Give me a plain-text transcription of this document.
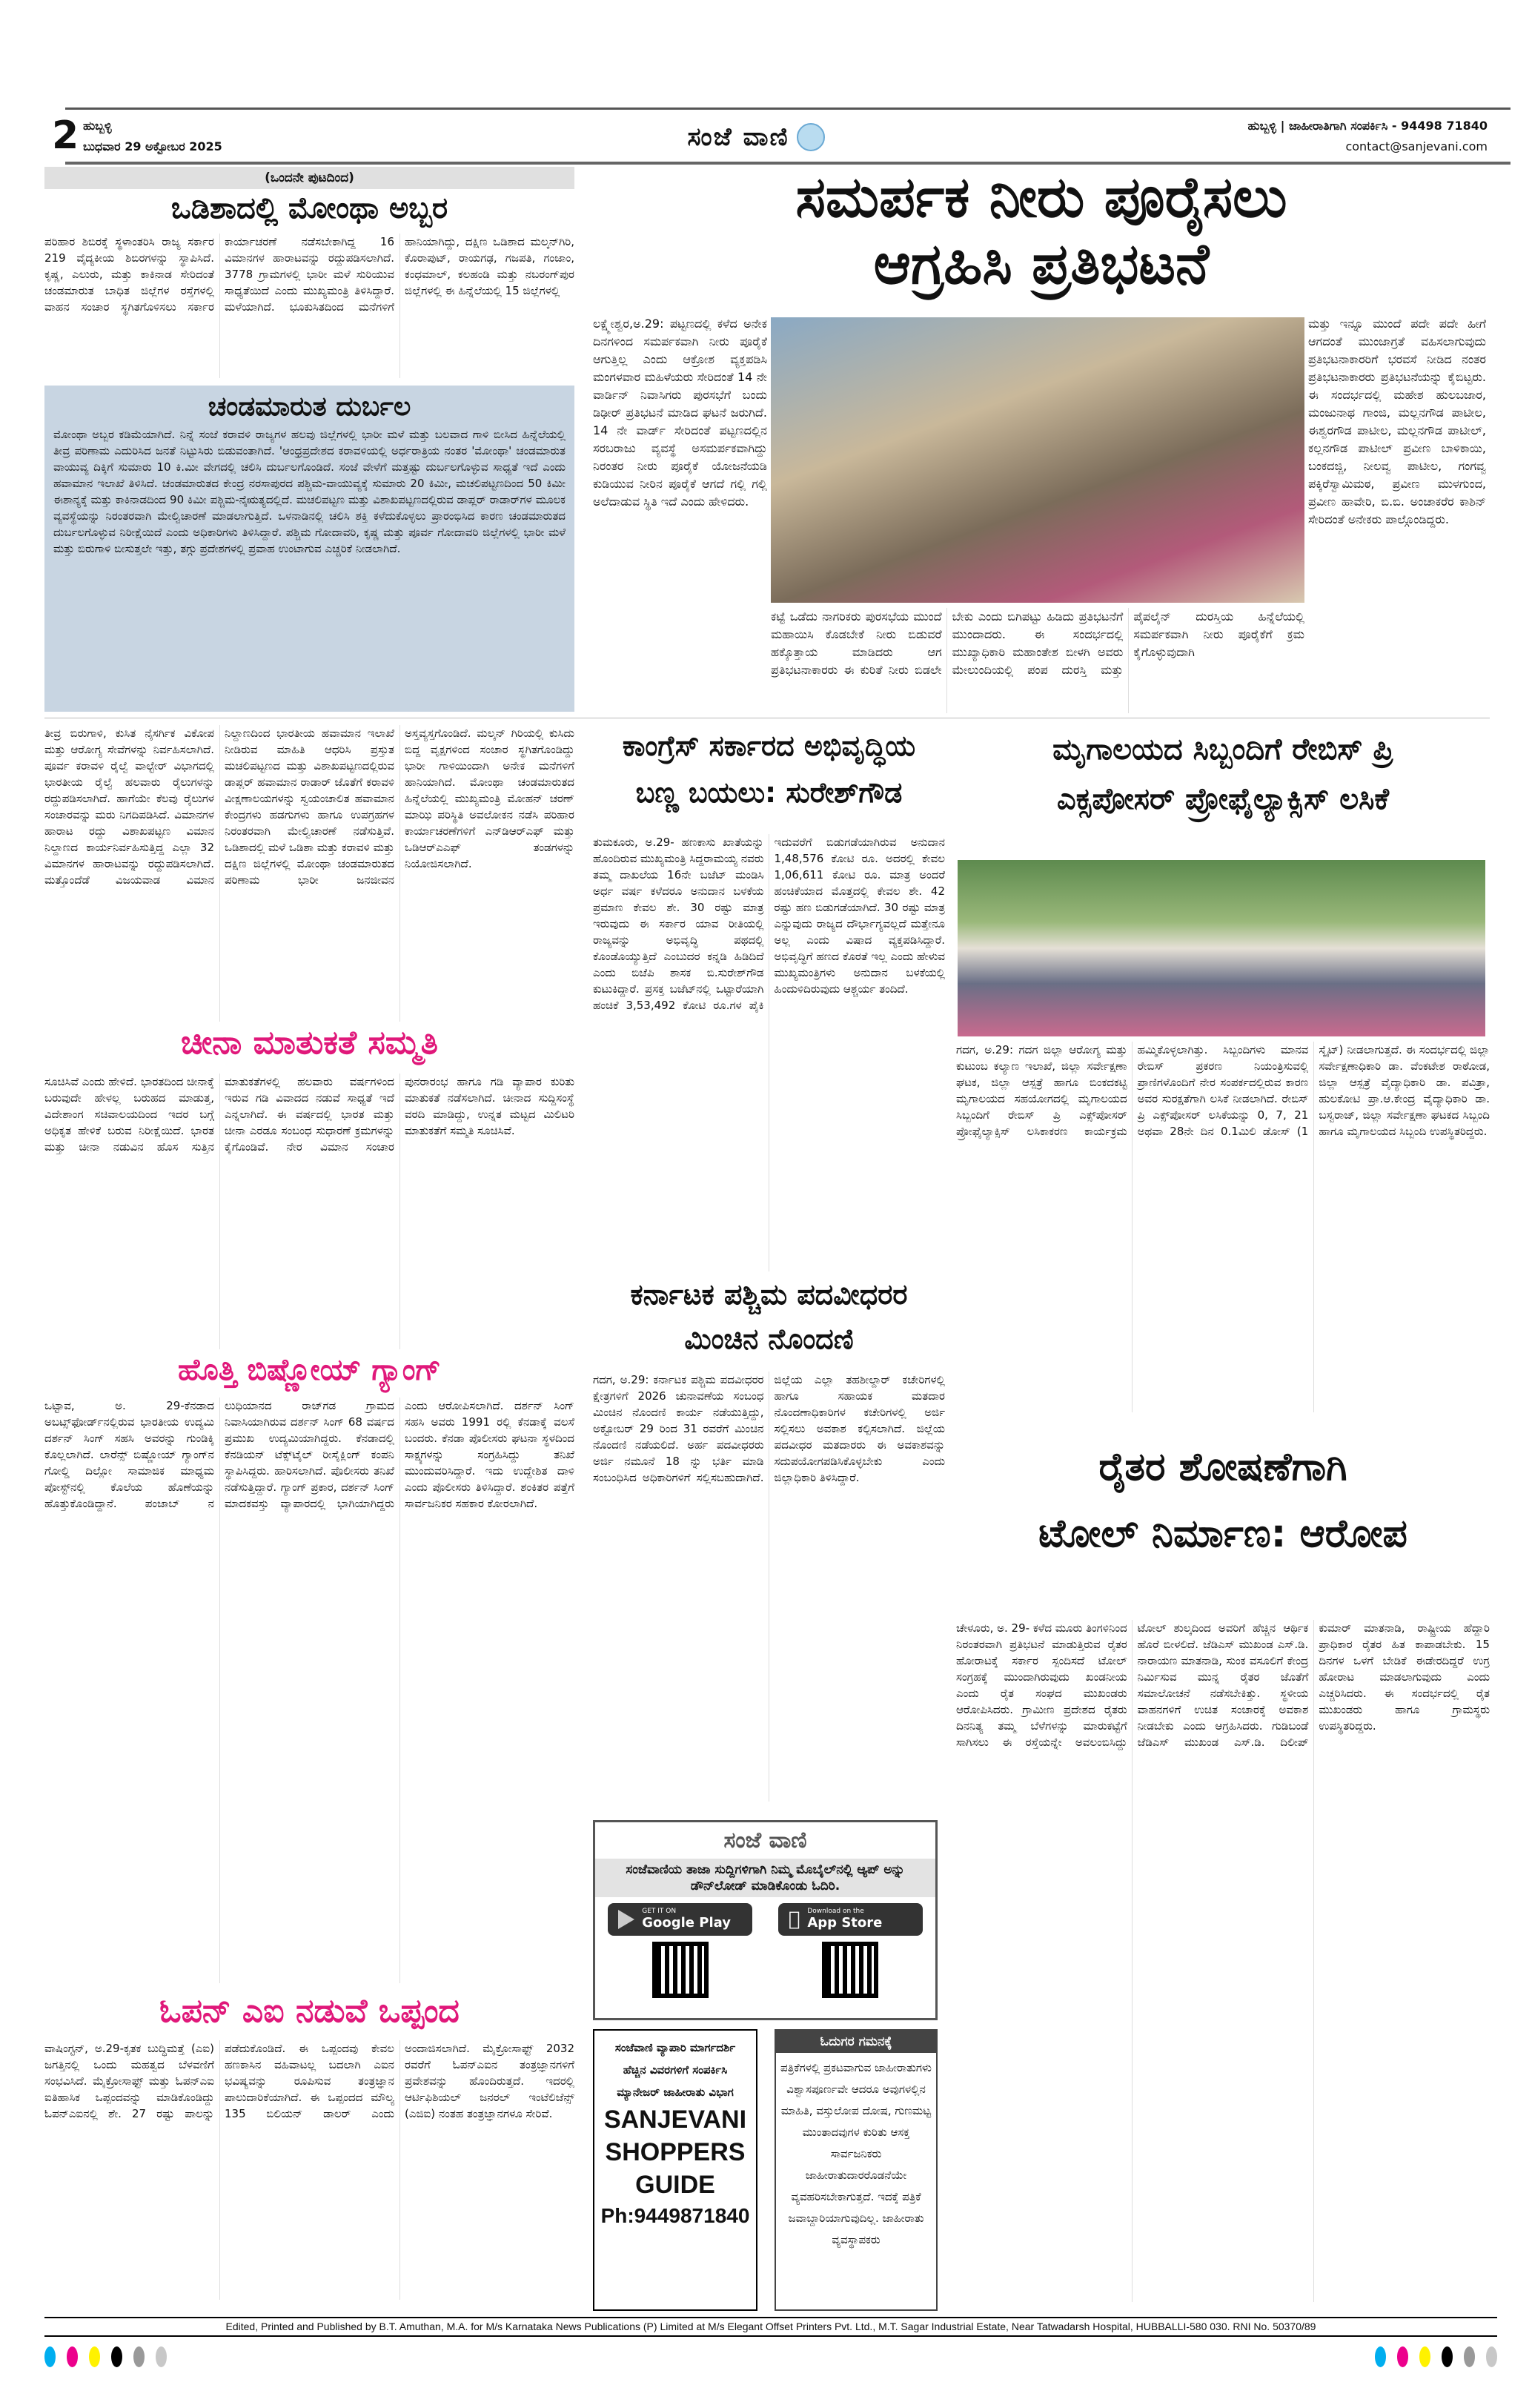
2 ಹುಬ್ಬಳ್ಳಿ
ಬುಧವಾರ 29 ಅಕ್ಟೋಬರ 2025	ಸಂಜೆ ವಾಣಿ	ಹುಬ್ಬಳ್ಳಿ | ಜಾಹೀರಾತಿಗಾಗಿ ಸಂಪರ್ಕಿಸಿ - 94498 71840
contact@sanjevani.com
(ಒಂದನೇ ಪುಟದಿಂದ)
ಒಡಿಶಾದಲ್ಲಿ ಮೋಂಥಾ ಅಬ್ಬರ
ಪರಿಹಾರ ಶಿಬಿರಕ್ಕೆ ಸ್ಥಳಾಂತರಿಸಿ ರಾಜ್ಯ ಸರ್ಕಾರ 219 ವೈದ್ಯಕೀಯ ಶಿಬಿರಗಳನ್ನು ಸ್ಥಾಪಿಸಿದೆ. ಕೃಷ್ಣ, ಎಲುರು, ಮತ್ತು ಕಾಕಿನಾಡ ಸೇರಿದಂತೆ ಚಂಡಮಾರುತ ಬಾಧಿತ ಜಿಲ್ಲೆಗಳ ರಸ್ತೆಗಳಲ್ಲಿ ವಾಹನ ಸಂಚಾರ ಸ್ಥಗಿತಗೊಳಿಸಲು ಸರ್ಕಾರ ಕಾರ್ಯಾಚರಣೆ ನಡೆಸಬೇಕಾಗಿದ್ದ 16 ವಿಮಾನಗಳ ಹಾರಾಟವನ್ನು ರದ್ದುಪಡಿಸಲಾಗಿದೆ. 3778 ಗ್ರಾಮಗಳಲ್ಲಿ ಭಾರೀ ಮಳೆ ಸುರಿಯುವ ಸಾಧ್ಯತೆಯಿದೆ ಎಂದು ಮುಖ್ಯಮಂತ್ರಿ ತಿಳಿಸಿದ್ದಾರೆ. ಮಳೆಯಾಗಿದೆ. ಭೂಕುಸಿತದಿಂದ ಮನೆಗಳಿಗೆ ಹಾನಿಯಾಗಿದ್ದು, ದಕ್ಷಿಣ ಒಡಿಶಾದ ಮಲ್ಕನ್‌ಗಿರಿ, ಕೊರಾಪುಟ್, ರಾಯಗಢ, ಗಜಪತಿ, ಗಂಜಾಂ, ಕಂಧಮಾಲ್, ಕಲಹಂಡಿ ಮತ್ತು ನಬರಂಗ್‌ಪುರ ಜಿಲ್ಲೆಗಳಲ್ಲಿ ಈ ಹಿನ್ನೆಲೆಯಲ್ಲಿ 15 ಜಿಲ್ಲೆಗಳಲ್ಲಿ
ಚಂಡಮಾರುತ ದುರ್ಬಲ
ಮೋಂಥಾ ಅಬ್ಬರ ಕಡಿಮೆಯಾಗಿದೆ. ನಿನ್ನೆ ಸಂಜೆ ಕರಾವಳಿ ರಾಜ್ಯಗಳ ಹಲವು ಜಿಲ್ಲೆಗಳಲ್ಲಿ ಭಾರೀ ಮಳೆ ಮತ್ತು ಬಲವಾದ ಗಾಳಿ ಬೀಸಿದ ಹಿನ್ನೆಲೆಯಲ್ಲಿ ತೀವ್ರ ಪರಿಣಾಮ ಎದುರಿಸಿದ ಜನತೆ ನಿಟ್ಟುಸಿರು ಬಿಡುವಂತಾಗಿದೆ. 'ಆಂಧ್ರಪ್ರದೇಶದ ಕರಾವಳಿಯಲ್ಲಿ ಅರ್ಧರಾತ್ರಿಯ ನಂತರ 'ಮೋಂಥಾ' ಚಂಡಮಾರುತ ವಾಯುವ್ಯ ದಿಕ್ಕಿಗೆ ಸುಮಾರು 10 ಕಿ.ಮೀ ವೇಗದಲ್ಲಿ ಚಲಿಸಿ ದುರ್ಬಲಗೊಂಡಿದೆ. ಸಂಜೆ ವೇಳೆಗೆ ಮತ್ತಷ್ಟು ದುರ್ಬಲಗೊಳ್ಳುವ ಸಾಧ್ಯತೆ ಇದೆ ಎಂದು ಹವಾಮಾನ ಇಲಾಖೆ ತಿಳಿಸಿದೆ. ಚಂಡಮಾರುತದ ಕೇಂದ್ರ ನರಸಾಪುರದ ಪಶ್ಚಿಮ-ವಾಯುವ್ಯಕ್ಕೆ ಸುಮಾರು 20 ಕಿಮೀ, ಮಚಲಿಪಟ್ಟಣದಿಂದ 50 ಕಿಮೀ ಈಶಾನ್ಯಕ್ಕೆ ಮತ್ತು ಕಾಕಿನಾಡದಿಂದ 90 ಕಿಮೀ ಪಶ್ಚಿಮ-ನೈಋತ್ಯದಲ್ಲಿದೆ. ಮಚಲಿಪಟ್ಟಣ ಮತ್ತು ವಿಶಾಖಪಟ್ಟಣದಲ್ಲಿರುವ ಡಾಪ್ಲರ್ ರಾಡಾರ್‌ಗಳ ಮೂಲಕ ವ್ಯವಸ್ಥೆಯನ್ನು ನಿರಂತರವಾಗಿ ಮೇಲ್ವಿಚಾರಣೆ ಮಾಡಲಾಗುತ್ತಿದೆ. ಒಳನಾಡಿನಲ್ಲಿ ಚಲಿಸಿ ಶಕ್ತಿ ಕಳೆದುಕೊಳ್ಳಲು ಪ್ರಾರಂಭಿಸಿದ ಕಾರಣ ಚಂಡಮಾರುತದ ದುರ್ಬಲಗೊಳ್ಳುವ ನಿರೀಕ್ಷೆಯಿದೆ ಎಂದು ಅಧಿಕಾರಿಗಳು ತಿಳಿಸಿದ್ದಾರೆ. ಪಶ್ಚಿಮ ಗೋದಾವರಿ, ಕೃಷ್ಣ ಮತ್ತು ಪೂರ್ವ ಗೋದಾವರಿ ಜಿಲ್ಲೆಗಳಲ್ಲಿ ಭಾರೀ ಮಳೆ ಮತ್ತು ಬಿರುಗಾಳಿ ಬೀಸುತ್ತಲೇ ಇತ್ತು, ತಗ್ಗು ಪ್ರದೇಶಗಳಲ್ಲಿ ಪ್ರವಾಹ ಉಂಟಾಗುವ ಎಚ್ಚರಿಕೆ ನೀಡಲಾಗಿದೆ.
ಸಮರ್ಪಕ ನೀರು ಪೂರೈಸಲು
ಆಗ್ರಹಿಸಿ ಪ್ರತಿಭಟನೆ
ಲಕ್ಷ್ಮೇಶ್ವರ,ಅ.29: ಪಟ್ಟಣದಲ್ಲಿ ಕಳೆದ ಅನೇಕ ದಿನಗಳಿಂದ ಸಮರ್ಪಕವಾಗಿ ನೀರು ಪೂರೈಕೆ ಆಗುತ್ತಿಲ್ಲ ಎಂದು ಆಕ್ರೋಶ ವ್ಯಕ್ತಪಡಿಸಿ ಮಂಗಳವಾರ ಮಹಿಳೆಯರು ಸೇರಿದಂತೆ 14 ನೇ ವಾರ್ಡಿನ್ ನಿವಾಸಿಗರು ಪುರಸಭೆಗೆ ಬಂದು ಡಿಢೀರ್ ಪ್ರತಿಭಟನೆ ಮಾಡಿದ ಘಟನೆ ಜರುಗಿದೆ. 14 ನೇ ವಾರ್ಡ್ ಸೇರಿದಂತೆ ಪಟ್ಟಣದಲ್ಲಿನ ಸರಬರಾಜು ವ್ಯವಸ್ಥೆ ಅಸಮರ್ಪಕವಾಗಿದ್ದು ನಿರಂತರ ನೀರು ಪೂರೈಕೆ ಯೋಜನೆಯಡಿ ಕುಡಿಯುವ ನೀರಿನ ಪೂರೈಕೆ ಆಗದೆ ಗಲ್ಲಿ ಗಲ್ಲಿ ಅಲೆದಾಡುವ ಸ್ಥಿತಿ ಇದೆ ಎಂದು ಹೇಳಿದರು.
ಕಟ್ಟೆ ಒಡೆದು ನಾಗರಿಕರು ಪುರಸಭೆಯ ಮುಂದೆ ಮಹಾಯಿಸಿ ಕೊಡಬೇಕೆ ನೀರು ಬಿಡುವರೆ ಹಕ್ಕೊತ್ತಾಯ ಮಾಡಿದರು ಆಗ ಪ್ರತಿಭಟನಾಕಾರರು ಈ ಕುರಿತೆ ನೀರು ಬಿಡಲೇ ಬೇಕು ಎಂದು ಬಿಗಿಪಟ್ಟು ಹಿಡಿದು ಪ್ರತಿಭಟನೆಗೆ ಮುಂದಾದರು. ಈ ಸಂದರ್ಭದಲ್ಲಿ ಮುಖ್ಯಾಧಿಕಾರಿ ಮಹಾಂತೇಶ ಬೀಳಗಿ ಅವರು ಮೇಲುಂದಿಯಲ್ಲಿ ಪಂಪ ದುರಸ್ತಿ ಮತ್ತು ಪೈಪಲೈನ್ ದುರಸ್ತಿಯ ಹಿನ್ನೆಲೆಯಲ್ಲಿ ಸಮರ್ಪಕವಾಗಿ ನೀರು ಪೂರೈಕೆಗೆ ಕ್ರಮ ಕೈಗೊಳ್ಳುವುದಾಗಿ
ಮತ್ತು ಇನ್ನೂ ಮುಂದೆ ಪದೇ ಪದೇ ಹೀಗೆ ಆಗದಂತೆ ಮುಂಜಾಗ್ರತೆ ವಹಿಸಲಾಗುವುದು ಪ್ರತಿಭಟನಾಕಾರರಿಗೆ ಭರವಸೆ ನೀಡಿದ ನಂತರ ಪ್ರತಿಭಟನಾಕಾರರು ಪ್ರತಿಭಟನೆಯನ್ನು ಕೈಬಿಟ್ಟರು. ಈ ಸಂದರ್ಭದಲ್ಲಿ ಮಹೇಶ ಹುಲಬಜಾರ, ಮಂಜುನಾಥ ಗಾಂಜಿ, ಮಲ್ಲನಗೌಡ ಪಾಟೀಲ, ಈಶ್ವರಗೌಡ ಪಾಟೀಲ, ಮಲ್ಲನಗೌಡ ಪಾಟೀಲ್, ಕಲ್ಲನಗೌಡ ಪಾಟೀಲ್ ಪ್ರವೀಣ ಬಾಳಿಕಾಯಿ, ಬಂಕದಜ್ಜಿ, ನೀಲವ್ವ ಪಾಟೀಲ, ಗಂಗವ್ವ ಪಕ್ಕಿರೆಸ್ವಾಮಿಮಠ, ಪ್ರವೀಣ ಮುಳಗುಂದ, ಪ್ರವೀಣ ಹಾವೇರಿ, ಬಿ.ಬಿ. ಅಂಚಾಕರೆರ ಕಾಶಿನ್ ಸೇರಿದಂತೆ ಅನೇಕರು ಪಾಲ್ಗೊಂಡಿದ್ದರು.
ತೀವ್ರ ಬಿರುಗಾಳಿ, ಕುಸಿತ ನೈಸರ್ಗಿಕ ವಿಕೋಪ ಮತ್ತು ಆರೋಗ್ಯ ಸೇವೆಗಳನ್ನು ನಿರ್ವಹಿಸಲಾಗಿದೆ. ಪೂರ್ವ ಕರಾವಳಿ ರೈಲ್ವೆ ವಾಲ್ಟೇರ್ ವಿಭಾಗದಲ್ಲಿ ಭಾರತೀಯ ರೈಲ್ವೆ ಹಲವಾರು ರೈಲುಗಳನ್ನು ರದ್ದುಪಡಿಸಲಾಗಿದೆ. ಹಾಗೆಯೇ ಕೆಲವು ರೈಲುಗಳ ಸಂಚಾರವನ್ನು ಮರು ನಿಗದಿಪಡಿಸಿದೆ. ವಿಮಾನಗಳ ಹಾರಾಟ ರದ್ದು ವಿಶಾಖಪಟ್ಟಣ ವಿಮಾನ ನಿಲ್ದಾಣದ ಕಾರ್ಯನಿರ್ವಹಿಸುತ್ತಿದ್ದ ಎಲ್ಲಾ 32 ವಿಮಾನಗಳ ಹಾರಾಟವನ್ನು ರದ್ದುಪಡಿಸಲಾಗಿದೆ. ಮತ್ತೊಂದೆಡೆ ವಿಜಯವಾಡ ವಿಮಾನ ನಿಲ್ದಾಣದಿಂದ ಭಾರತೀಯ ಹವಾಮಾನ ಇಲಾಖೆ ನೀಡಿರುವ ಮಾಹಿತಿ ಆಧರಿಸಿ ಪ್ರಸ್ತುತ ಮಚಲಿಪಟ್ಟಣದ ಮತ್ತು ವಿಶಾಖಪಟ್ಟಣದಲ್ಲಿರುವ ಡಾಪ್ಲರ್ ಹವಾಮಾನ ರಾಡಾರ್ ಜೊತೆಗೆ ಕರಾವಳಿ ವೀಕ್ಷಣಾಲಯಗಳನ್ನು ಸ್ವಯಂಚಾಲಿತ ಹವಾಮಾನ ಕೇಂದ್ರಗಳು ಹಡಗುಗಳು ಹಾಗೂ ಉಪಗ್ರಹಗಳ ನಿರಂತರವಾಗಿ ಮೇಲ್ವಿಚಾರಣೆ ನಡೆಸುತ್ತಿವೆ. ಒಡಿಶಾದಲ್ಲಿ ಮಳೆ ಒಡಿಶಾ ಮತ್ತು ಕರಾವಳಿ ಮತ್ತು ದಕ್ಷಿಣ ಜಿಲ್ಲೆಗಳಲ್ಲಿ ಮೋಂಥಾ ಚಂಡಮಾರುತದ ಪರಿಣಾಮ ಭಾರೀ ಜನಜೀವನ ಅಸ್ತವ್ಯಸ್ತಗೊಂಡಿದೆ. ಮಲ್ಕನ್ ಗಿರಿಯಲ್ಲಿ ಕುಸಿದು ಬಿದ್ದ ವೃಕ್ಷಗಳಿಂದ ಸಂಚಾರ ಸ್ಥಗಿತಗೊಂಡಿದ್ದು ಭಾರೀ ಗಾಳಿಯಿಂದಾಗಿ ಅನೇಕ ಮನೆಗಳಿಗೆ ಹಾನಿಯಾಗಿದೆ. ಮೋಂಥಾ ಚಂಡಮಾರುತದ ಹಿನ್ನೆಲೆಯಲ್ಲಿ ಮುಖ್ಯಮಂತ್ರಿ ಮೋಹನ್ ಚರಣ್ ಮಾಝಿ ಪರಿಸ್ಥಿತಿ ಅವಲೋಕನ ನಡೆಸಿ ಪರಿಹಾರ ಕಾರ್ಯಾಚರಣೆಗಳಿಗೆ ಎನ್‌ಡಿಆರ್‌ಎಫ್ ಮತ್ತು ಒಡಿಆರ್‌ಎಎಫ್ ತಂಡಗಳನ್ನು ನಿಯೋಜಿಸಲಾಗಿದೆ.
ಚೀನಾ ಮಾತುಕತೆ ಸಮ್ಮತಿ
ಸೂಚಿಸಿವೆ ಎಂದು ಹೇಳಿದೆ. ಭಾರತದಿಂದ ಚೀನಾಕ್ಕೆ ಬರುವುದೇ ಹೇಳಲ್ಲ ಬರುಹದ ಮಾಡುತ್ತ, ವಿದೇಶಾಂಗ ಸಚಿವಾಲಯದಿಂದ ಇದರ ಬಗ್ಗೆ ಅಧಿಕೃತ ಹೇಳಿಕೆ ಬರುವ ನಿರೀಕ್ಷೆಯಿದೆ. ಭಾರತ ಮತ್ತು ಚೀನಾ ನಡುವಿನ ಹೊಸ ಸುತ್ತಿನ ಮಾತುಕತೆಗಳಲ್ಲಿ ಹಲವಾರು ವರ್ಷಗಳಿಂದ ಇರುವ ಗಡಿ ವಿವಾದದ ನಡುವೆ ಸಾಧ್ಯತೆ ಇದೆ ಎನ್ನಲಾಗಿದೆ. ಈ ವರ್ಷದಲ್ಲಿ ಭಾರತ ಮತ್ತು ಚೀನಾ ಎರಡೂ ಸಂಬಂಧ ಸುಧಾರಣೆ ಕ್ರಮಗಳನ್ನು ಕೈಗೊಂಡಿವೆ. ನೇರ ವಿಮಾನ ಸಂಚಾರ ಪುನರಾರಂಭ ಹಾಗೂ ಗಡಿ ವ್ಯಾಪಾರ ಕುರಿತು ಮಾತುಕತೆ ನಡೆಸಲಾಗಿದೆ. ಚೀನಾದ ಸುದ್ದಿಸಂಸ್ಥೆ ವರದಿ ಮಾಡಿದ್ದು, ಉನ್ನತ ಮಟ್ಟದ ಮಿಲಿಟರಿ ಮಾತುಕತೆಗೆ ಸಮ್ಮತಿ ಸೂಚಿಸಿವೆ.
ಹೊತ್ತಿ ಬಿಷ್ಣೋಯ್ ಗ್ಯಾಂಗ್
ಒಟ್ಟಾವ, ಅ. 29-ಕೆನಡಾದ ಅಬಟ್ಸ್‌ಫೋರ್ಡ್‌ನಲ್ಲಿರುವ ಭಾರತೀಯ ಉದ್ಯಮಿ ದರ್ಶನ್ ಸಿಂಗ್ ಸಹಸಿ ಅವರನ್ನು ಗುಂಡಿಕ್ಕಿ ಕೊಲ್ಲಲಾಗಿದೆ. ಲಾರೆನ್ಸ್ ಬಿಷ್ಣೋಯ್ ಗ್ಯಾಂಗ್‌ನ ಗೋಲ್ಡಿ ದಿಲ್ಲೋ ಸಾಮಾಜಿಕ ಮಾಧ್ಯಮ ಪೋಸ್ಟ್‌ನಲ್ಲಿ ಕೊಲೆಯ ಹೊಣೆಯನ್ನು ಹೊತ್ತುಕೊಂಡಿದ್ದಾನೆ. ಪಂಜಾಬ್ ನ ಲುಧಿಯಾನದ ರಾಜ್‌ಗಡ ಗ್ರಾಮದ ನಿವಾಸಿಯಾಗಿರುವ ದರ್ಶನ್ ಸಿಂಗ್ 68 ವರ್ಷದ ಪ್ರಮುಖ ಉದ್ಯಮಿಯಾಗಿದ್ದರು. ಕೆನಡಾದಲ್ಲಿ ಕೆನಡಿಯನ್ ಟೆಕ್ಸ್‌ಟೈಲ್ ರೀಸೈಕ್ಲಿಂಗ್ ಕಂಪನಿ ಸ್ಥಾಪಿಸಿದ್ದರು. ಹಾರಿಸಲಾಗಿದೆ. ಪೊಲೀಸರು ತನಿಖೆ ನಡೆಸುತ್ತಿದ್ದಾರೆ. ಗ್ಯಾಂಗ್ ಪ್ರಕಾರ, ದರ್ಶನ್ ಸಿಂಗ್ ಮಾದಕವಸ್ತು ವ್ಯಾಪಾರದಲ್ಲಿ ಭಾಗಿಯಾಗಿದ್ದರು ಎಂದು ಆರೋಪಿಸಲಾಗಿದೆ. ದರ್ಶನ್ ಸಿಂಗ್ ಸಹಸಿ ಅವರು 1991 ರಲ್ಲಿ ಕೆನಡಾಕ್ಕೆ ವಲಸೆ ಬಂದರು. ಕೆನಡಾ ಪೊಲೀಸರು ಘಟನಾ ಸ್ಥಳದಿಂದ ಸಾಕ್ಷ್ಯಗಳನ್ನು ಸಂಗ್ರಹಿಸಿದ್ದು ತನಿಖೆ ಮುಂದುವರಿಸಿದ್ದಾರೆ. ಇದು ಉದ್ದೇಶಿತ ದಾಳಿ ಎಂದು ಪೊಲೀಸರು ತಿಳಿಸಿದ್ದಾರೆ. ಶಂಕಿತರ ಪತ್ತೆಗೆ ಸಾರ್ವಜನಿಕರ ಸಹಕಾರ ಕೋರಲಾಗಿದೆ.
ಓಪನ್ ಎಐ ನಡುವೆ ಒಪ್ಪಂದ
ವಾಷಿಂಗ್ಟನ್, ಅ.29-ಕೃತಕ ಬುದ್ಧಿಮತ್ತೆ (ಎಐ) ಜಗತ್ತಿನಲ್ಲಿ ಒಂದು ಮಹತ್ವದ ಬೆಳವಣಿಗೆ ಸಂಭವಿಸಿದೆ. ಮೈಕ್ರೋಸಾಫ್ಟ್ ಮತ್ತು ಓಪನ್‌ಎಐ ಐತಿಹಾಸಿಕ ಒಪ್ಪಂದವನ್ನು ಮಾಡಿಕೊಂಡಿದ್ದು ಓಪನ್‌ಎಐನಲ್ಲಿ ಶೇ. 27 ರಷ್ಟು ಪಾಲನ್ನು ಪಡೆದುಕೊಂಡಿದೆ. ಈ ಒಪ್ಪಂದವು ಕೇವಲ ಹಣಕಾಸಿನ ವಹಿವಾಟಲ್ಲ ಬದಲಾಗಿ ಎಐನ ಭವಿಷ್ಯವನ್ನು ರೂಪಿಸುವ ತಂತ್ರಜ್ಞಾನ ಪಾಲುದಾರಿಕೆಯಾಗಿದೆ. ಈ ಒಪ್ಪಂದದ ಮೌಲ್ಯ 135 ಬಿಲಿಯನ್ ಡಾಲರ್ ಎಂದು ಅಂದಾಜಿಸಲಾಗಿದೆ. ಮೈಕ್ರೋಸಾಫ್ಟ್ 2032 ರವರೆಗೆ ಓಪನ್‌ಎಐನ ತಂತ್ರಜ್ಞಾನಗಳಿಗೆ ಪ್ರವೇಶವನ್ನು ಹೊಂದಿರುತ್ತದೆ. ಇದರಲ್ಲಿ ಆರ್ಟಿಫಿಶಿಯಲ್ ಜನರಲ್ ಇಂಟೆಲಿಜೆನ್ಸ್ (ಎಜಿಐ) ನಂತಹ ತಂತ್ರಜ್ಞಾನಗಳೂ ಸೇರಿವೆ.
ಕಾಂಗ್ರೆಸ್ ಸರ್ಕಾರದ ಅಭಿವೃದ್ಧಿಯ
ಬಣ್ಣ ಬಯಲು: ಸುರೇಶ್‌ಗೌಡ
ತುಮಕೂರು, ಅ.29- ಹಣಕಾಸು ಖಾತೆಯನ್ನು ಹೊಂದಿರುವ ಮುಖ್ಯಮಂತ್ರಿ ಸಿದ್ದರಾಮಯ್ಯ ನವರು ತಮ್ಮ ದಾಖಲೆಯ 16ನೇ ಬಜೆಟ್ ಮಂಡಿಸಿ ಅರ್ಧ ವರ್ಷ ಕಳೆದರೂ ಅನುದಾನ ಬಳಕೆಯ ಪ್ರಮಾಣ ಕೇವಲ ಶೇ. 30 ರಷ್ಟು ಮಾತ್ರ ಇರುವುದು ಈ ಸರ್ಕಾರ ಯಾವ ರೀತಿಯಲ್ಲಿ ರಾಜ್ಯವನ್ನು ಅಭಿವೃದ್ಧಿ ಪಥದಲ್ಲಿ ಕೊಂಡೊಯ್ಯುತ್ತಿದೆ ಎಂಬುದರ ಕನ್ನಡಿ ಹಿಡಿದಿದೆ ಎಂದು ಬಿಜೆಪಿ ಶಾಸಕ ಬಿ.ಸುರೇಶ್‌ಗೌಡ ಕುಟುಕಿದ್ದಾರೆ. ಪ್ರಸಕ್ತ ಬಜೆಟ್‌ನಲ್ಲಿ ಒಟ್ಟಾರೆಯಾಗಿ ಹಂಚಿಕೆ 3,53,492 ಕೋಟಿ ರೂ.ಗಳ ಪೈಕಿ ಇದುವರೆಗೆ ಬಿಡುಗಡೆಯಾಗಿರುವ ಅನುದಾನ 1,48,576 ಕೋಟಿ ರೂ. ಅದರಲ್ಲಿ ಕೇವಲ 1,06,611 ಕೋಟಿ ರೂ. ಮಾತ್ರ ಅಂದರೆ ಹಂಚಿಕೆಯಾದ ಮೊತ್ತದಲ್ಲಿ ಕೇವಲ ಶೇ. 42 ರಷ್ಟು ಹಣ ಬಿಡುಗಡೆಯಾಗಿದೆ. 30 ರಷ್ಟು ಮಾತ್ರ ಎನ್ನುವುದು ರಾಜ್ಯದ ದೌರ್ಭಾಗ್ಯವಲ್ಲದೆ ಮತ್ತೇನೂ ಅಲ್ಲ ಎಂದು ವಿಷಾದ ವ್ಯಕ್ತಪಡಿಸಿದ್ದಾರೆ. ಅಭಿವೃದ್ಧಿಗೆ ಹಣದ ಕೊರತೆ ಇಲ್ಲ ಎಂದು ಹೇಳುವ ಮುಖ್ಯಮಂತ್ರಿಗಳು ಅನುದಾನ ಬಳಕೆಯಲ್ಲಿ ಹಿಂದುಳಿದಿರುವುದು ಆಶ್ಚರ್ಯ ತಂದಿದೆ.
ಕರ್ನಾಟಕ ಪಶ್ಚಿಮ ಪದವೀಧರರ
ಮಿಂಚಿನ ನೊಂದಣಿ
ಗದಗ, ಅ.29: ಕರ್ನಾಟಕ ಪಶ್ಚಿಮ ಪದವೀಧರರ ಕ್ಷೇತ್ರಗಳಿಗೆ 2026 ಚುನಾವಣೆಯ ಸಂಬಂಧ ಮಿಂಚಿನ ನೊಂದಣಿ ಕಾರ್ಯ ನಡೆಯುತ್ತಿದ್ದು, ಅಕ್ಟೋಬರ್ 29 ರಿಂದ 31 ರವರೆಗೆ ಮಿಂಚಿನ ನೊಂದಣಿ ನಡೆಯಲಿದೆ. ಅರ್ಹ ಪದವೀಧರರು ಅರ್ಜಿ ನಮೂನೆ 18 ನ್ನು ಭರ್ತಿ ಮಾಡಿ ಸಂಬಂಧಿಸಿದ ಅಧಿಕಾರಿಗಳಿಗೆ ಸಲ್ಲಿಸಬಹುದಾಗಿದೆ. ಜಿಲ್ಲೆಯ ಎಲ್ಲಾ ತಹಶೀಲ್ದಾರ್ ಕಚೇರಿಗಳಲ್ಲಿ ಹಾಗೂ ಸಹಾಯಕ ಮತದಾರ ನೊಂದಣಾಧಿಕಾರಿಗಳ ಕಚೇರಿಗಳಲ್ಲಿ ಅರ್ಜಿ ಸಲ್ಲಿಸಲು ಅವಕಾಶ ಕಲ್ಪಿಸಲಾಗಿದೆ. ಜಿಲ್ಲೆಯ ಪದವೀಧರ ಮತದಾರರು ಈ ಅವಕಾಶವನ್ನು ಸದುಪಯೋಗಪಡಿಸಿಕೊಳ್ಳಬೇಕು ಎಂದು ಜಿಲ್ಲಾಧಿಕಾರಿ ತಿಳಿಸಿದ್ದಾರೆ.
ಸಂಜೆ ವಾಣಿ
ಸಂಜೆವಾಣಿಯ ತಾಜಾ ಸುದ್ದಿಗಳಿಗಾಗಿ ನಿಮ್ಮ ಮೊಬೈಲ್‌ನಲ್ಲಿ ಆ್ಯಪ್ ಅನ್ನು ಡೌನ್‌ಲೋಡ್ ಮಾಡಿಕೊಂಡು ಓದಿರಿ.
GET IT ON
Google Play
Download on the
App Store
ಸಂಜೆವಾಣಿ ವ್ಯಾಪಾರಿ ಮಾರ್ಗದರ್ಶಿ
ಹೆಚ್ಚಿನ ವಿವರಗಳಿಗೆ ಸಂಪರ್ಕಿಸಿ
ಮ್ಯಾನೇಜರ್ ಜಾಹೀರಾತು ವಿಭಾಗ
SANJEVANI
SHOPPERS
GUIDE
Ph:9449871840
ಓದುಗರ ಗಮನಕ್ಕೆ
ಪತ್ರಿಕೆಗಳಲ್ಲಿ ಪ್ರಕಟವಾಗುವ ಜಾಹೀರಾತುಗಳು ವಿಶ್ವಾಸಪೂರ್ಣವೇ ಆದರೂ ಅವುಗಳಲ್ಲಿನ ಮಾಹಿತಿ, ವಸ್ತುಲೋಪ ದೋಷ, ಗುಣಮಟ್ಟ ಮುಂತಾದವುಗಳ ಕುರಿತು ಆಸಕ್ತ ಸಾರ್ವಜನಿಕರು ಜಾಹೀರಾತುದಾರರೊಡನೆಯೇ ವ್ಯವಹರಿಸಬೇಕಾಗುತ್ತದೆ. ಇದಕ್ಕೆ ಪತ್ರಿಕೆ ಜವಾಬ್ದಾರಿಯಾಗುವುದಿಲ್ಲ. ಜಾಹೀರಾತು ವ್ಯವಸ್ಥಾಪಕರು
ಮೃಗಾಲಯದ ಸಿಬ್ಬಂದಿಗೆ ರೇಬಿಸ್ ಪ್ರಿ
ಎಕ್ಸಪೋಸರ್ ಪ್ರೋಫೈಲ್ಯಾಕ್ಸಿಸ್ ಲಸಿಕೆ
ಗದಗ, ಅ.29: ಗದಗ ಜಿಲ್ಲಾ ಆರೋಗ್ಯ ಮತ್ತು ಕುಟುಂಬ ಕಲ್ಯಾಣ ಇಲಾಖೆ, ಜಿಲ್ಲಾ ಸರ್ವೇಕ್ಷಣಾ ಘಟಕ, ಜಿಲ್ಲಾ ಆಸ್ಪತ್ರೆ ಹಾಗೂ ಬಿಂಕದಕಟ್ಟಿ ಮೃಗಾಲಯದ ಸಹಯೋಗದಲ್ಲಿ ಮೃಗಾಲಯದ ಸಿಬ್ಬಂದಿಗೆ ರೇಬಿಸ್ ಪ್ರಿ ಎಕ್ಸ್‌ಪೋಸರ್ ಪ್ರೋಫೈಲ್ಯಾಕ್ಸಿಸ್ ಲಸಿಕಾಕರಣ ಕಾರ್ಯಕ್ರಮ ಹಮ್ಮಿಕೊಳ್ಳಲಾಗಿತ್ತು. ಸಿಬ್ಬಂದಿಗಳು ಮಾನವ ರೇಬಿಸ್ ಪ್ರಕರಣ ನಿಯಂತ್ರಿಸುವಲ್ಲಿ ಪ್ರಾಣಿಗಳೊಂದಿಗೆ ನೇರ ಸಂಪರ್ಕದಲ್ಲಿರುವ ಕಾರಣ ಅವರ ಸುರಕ್ಷತೆಗಾಗಿ ಲಸಿಕೆ ನೀಡಲಾಗಿದೆ. ರೇಬಿಸ್ ಪ್ರಿ ಎಕ್ಸ್‌ಪೋಸರ್ ಲಸಿಕೆಯನ್ನು 0, 7, 21 ಅಥವಾ 28ನೇ ದಿನ 0.1ಮಿಲಿ ಡೋಸ್ (1 ಸ್ಕೈಟ್) ನೀಡಲಾಗುತ್ತದೆ. ಈ ಸಂದರ್ಭದಲ್ಲಿ ಜಿಲ್ಲಾ ಸರ್ವೇಕ್ಷಣಾಧಿಕಾರಿ ಡಾ. ವೆಂಕಟೇಶ ರಾಠೋಡ, ಜಿಲ್ಲಾ ಆಸ್ಪತ್ರೆ ವೈದ್ಯಾಧಿಕಾರಿ ಡಾ. ಪವಿತ್ರಾ, ಹುಲಕೋಟಿ ಪ್ರಾ.ಆ.ಕೇಂದ್ರ ವೈದ್ಯಾಧಿಕಾರಿ ಡಾ. ಬಸ್ವರಾಜ್, ಜಿಲ್ಲಾ ಸರ್ವೇಕ್ಷಣಾ ಘಟಕದ ಸಿಬ್ಬಂದಿ ಹಾಗೂ ಮೃಗಾಲಯದ ಸಿಬ್ಬಂದಿ ಉಪಸ್ಥಿತರಿದ್ದರು.
ರೈತರ ಶೋಷಣೆಗಾಗಿ
ಟೋಲ್ ನಿರ್ಮಾಣ: ಆರೋಪ
ಚೇಳೂರು, ಅ. 29- ಕಳೆದ ಮೂರು ತಿಂಗಳಿನಿಂದ ನಿರಂತರವಾಗಿ ಪ್ರತಿಭಟನೆ ಮಾಡುತ್ತಿರುವ ರೈತರ ಹೋರಾಟಕ್ಕೆ ಸರ್ಕಾರ ಸ್ಪಂದಿಸದೆ ಟೋಲ್ ಸಂಗ್ರಹಕ್ಕೆ ಮುಂದಾಗಿರುವುದು ಖಂಡನೀಯ ಎಂದು ರೈತ ಸಂಘದ ಮುಖಂಡರು ಆರೋಪಿಸಿದರು. ಗ್ರಾಮೀಣ ಪ್ರದೇಶದ ರೈತರು ದಿನನಿತ್ಯ ತಮ್ಮ ಬೆಳೆಗಳನ್ನು ಮಾರುಕಟ್ಟೆಗೆ ಸಾಗಿಸಲು ಈ ರಸ್ತೆಯನ್ನೇ ಅವಲಂಬಿಸಿದ್ದು ಟೋಲ್ ಶುಲ್ಕದಿಂದ ಅವರಿಗೆ ಹೆಚ್ಚಿನ ಆರ್ಥಿಕ ಹೊರೆ ಬೀಳಲಿದೆ. ಜೆಡಿಎಸ್ ಮುಖಂಡ ಎಸ್.ಡಿ. ನಾರಾಯಣ ಮಾತನಾಡಿ, ಸುಂಕ ವಸೂಲಿಗೆ ಕೇಂದ್ರ ನಿರ್ಮಿಸುವ ಮುನ್ನ ರೈತರ ಜೊತೆಗೆ ಸಮಾಲೋಚನೆ ನಡೆಸಬೇಕಿತ್ತು. ಸ್ಥಳೀಯ ವಾಹನಗಳಿಗೆ ಉಚಿತ ಸಂಚಾರಕ್ಕೆ ಅವಕಾಶ ನೀಡಬೇಕು ಎಂದು ಆಗ್ರಹಿಸಿದರು. ಗುಡಿಬಂಡೆ ಜೆಡಿಎಸ್ ಮುಖಂಡ ಎಸ್.ಡಿ. ದಿಲೀಪ್ ಕುಮಾರ್ ಮಾತನಾಡಿ, ರಾಷ್ಟ್ರೀಯ ಹೆದ್ದಾರಿ ಪ್ರಾಧಿಕಾರ ರೈತರ ಹಿತ ಕಾಪಾಡಬೇಕು. 15 ದಿನಗಳ ಒಳಗೆ ಬೇಡಿಕೆ ಈಡೇರದಿದ್ದರೆ ಉಗ್ರ ಹೋರಾಟ ಮಾಡಲಾಗುವುದು ಎಂದು ಎಚ್ಚರಿಸಿದರು. ಈ ಸಂದರ್ಭದಲ್ಲಿ ರೈತ ಮುಖಂಡರು ಹಾಗೂ ಗ್ರಾಮಸ್ಥರು ಉಪಸ್ಥಿತರಿದ್ದರು.
Edited, Printed and Published by B.T. Amuthan, M.A. for M/s Karnataka News Publications (P) Limited at M/s Elegant Offset Printers Pvt. Ltd., M.T. Sagar Industrial Estate, Near Tatwadarsh Hospital, HUBBALLI-580 030. RNI No. 50370/89
